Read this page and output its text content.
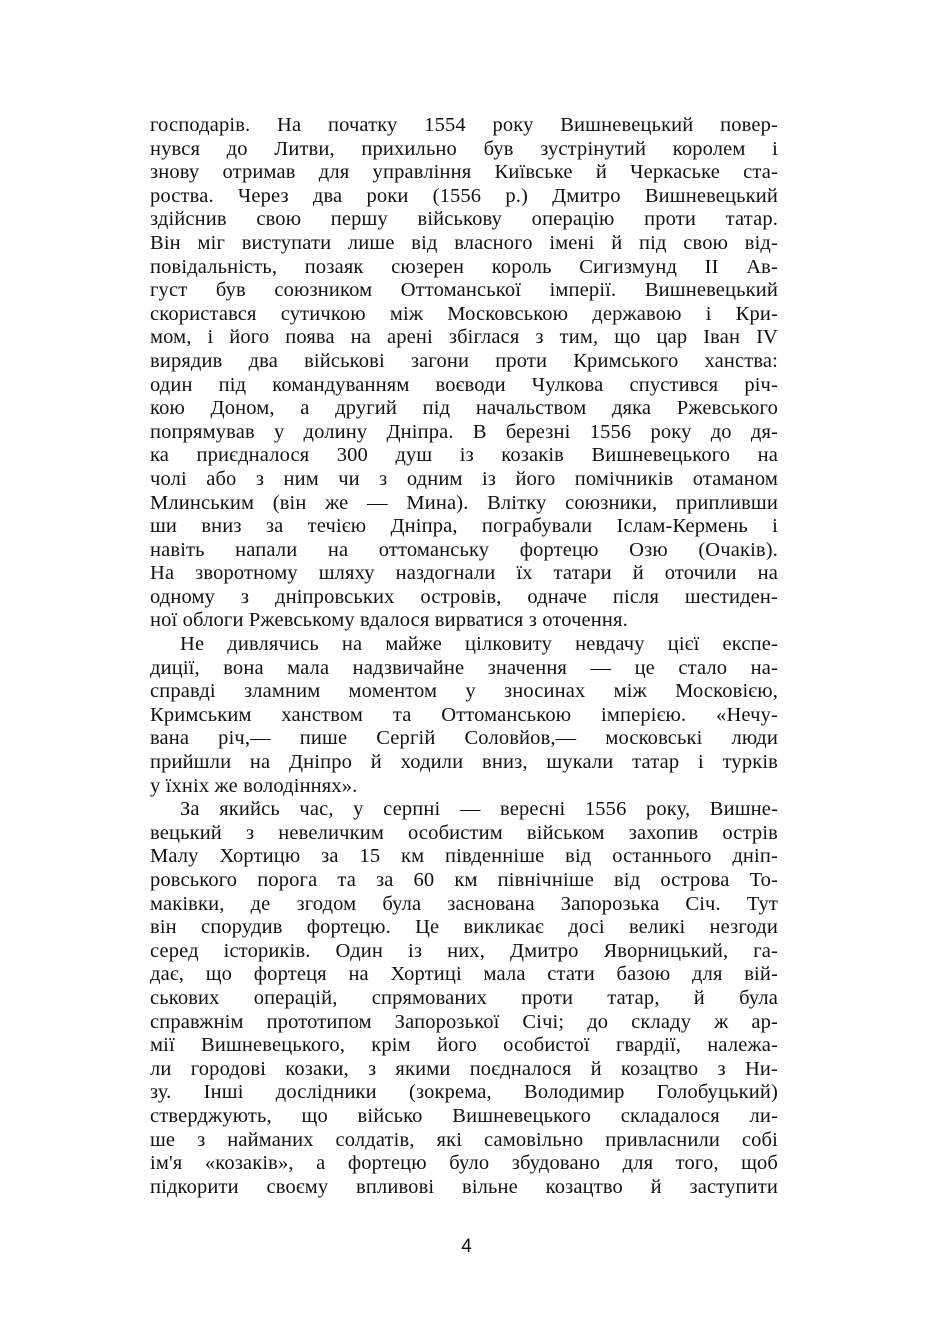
господарів. На початку 1554 року Вишневецький повер-
нувся до Литви, прихильно був зустрінутий королем і
знову отримав для управління Київське й Черкаське ста-
роства. Через два роки (1556 р.) Дмитро Вишневецький
здійснив свою першу військову операцію проти татар.
Він міг виступати лише від власного імені й під свою від-
повідальність, позаяк сюзерен король Сигизмунд ІІ Ав-
густ був союзником Оттоманської імперії. Вишневецький
скористався сутичкою між Московською державою і Кри-
мом, і його поява на арені збіглася з тим, що цар Іван IV
вирядив два військові загони проти Кримського ханства:
один під командуванням воєводи Чулкова спустився річ-
кою Доном, а другий під начальством дяка Ржевського
попрямував у долину Дніпра. В березні 1556 року до дя-
ка приєдналося 300 душ із козаків Вишневецького на
чолі або з ним чи з одним із його помічників отаманом
Млинським (він же — Мина). Влітку союзники, припливши
ши вниз за течією Дніпра, пограбували Іслам-Кермень і
навіть напали на оттоманську фортецю Озю (Очаків).
На зворотному шляху наздогнали їх татари й оточили на
одному з дніпровських островів, одначе після шестиден-
ної облоги Ржевському вдалося вирватися з оточення.
Не дивлячись на майже цілковиту невдачу цієї експе-
диції, вона мала надзвичайне значення — це стало на-
справді зламним моментом у зносинах між Московією,
Кримським ханством та Оттоманською імперією. «Нечу-
вана річ,— пише Сергій Соловйов,— московські люди
прийшли на Дніпро й ходили вниз, шукали татар і турків
у їхніх же володіннях».
За якийсь час, у серпні — вересні 1556 року, Вишне-
вецький з невеличким особистим військом захопив острів
Малу Хортицю за 15 км південніше від останнього дніп-
ровського порога та за 60 км північніше від острова То-
маківки, де згодом була заснована Запорозька Січ. Тут
він спорудив фортецю. Це викликає досі великі незгоди
серед істориків. Один із них, Дмитро Яворницький, га-
дає, що фортеця на Хортиці мала стати базою для вій-
ськових операцій, спрямованих проти татар, й була
справжнім прототипом Запорозької Січі; до складу ж ар-
мії Вишневецького, крім його особистої гвардії, належа-
ли городові козаки, з якими поєдналося й козацтво з Ни-
зу. Інші дослідники (зокрема, Володимир Голобуцький)
стверджують, що військо Вишневецького складалося ли-
ше з найманих солдатів, які самовільно привласнили собі
ім'я «козаків», а фортецю було збудовано для того, щоб
підкорити своєму впливові вільне козацтво й заступити
4
